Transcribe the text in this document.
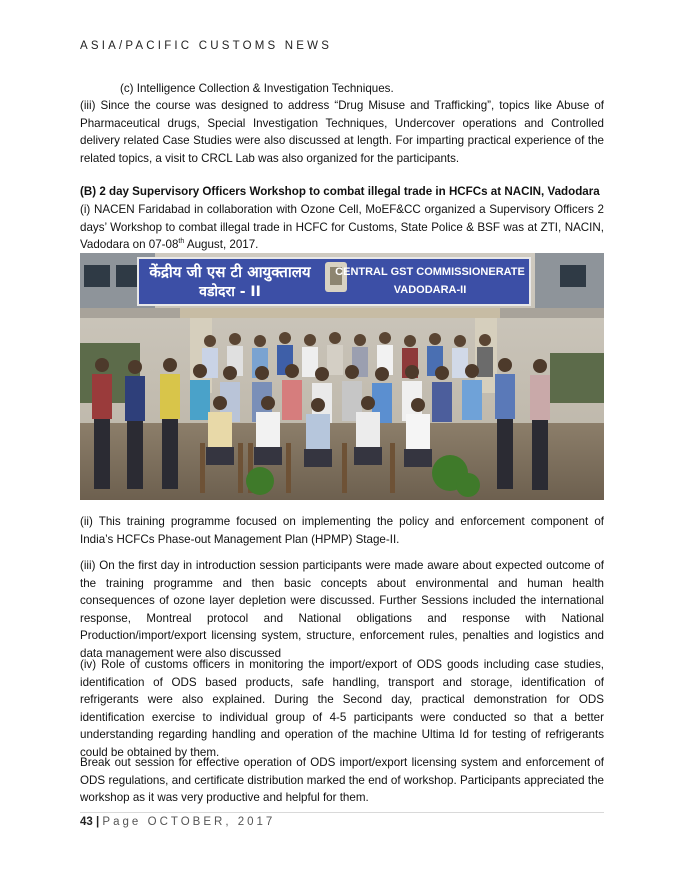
ASIA/PACIFIC CUSTOMS NEWS
(c) Intelligence Collection & Investigation Techniques.
(iii) Since the course was designed to address “Drug Misuse and Trafficking”, topics like Abuse of Pharmaceutical drugs, Special Investigation Techniques, Undercover operations and Controlled delivery related Case Studies were also discussed at length. For imparting practical experience of the related topics, a visit to CRCL Lab was also organized for the participants.
(B) 2 day Supervisory Officers Workshop to combat illegal trade in HCFCs at NACIN, Vadodara
(i) NACEN Faridabad in collaboration with Ozone Cell, MoEF&CC organized a Supervisory Officers 2 days’ Workshop to combat illegal trade in HCFC for Customs, State Police & BSF was at ZTI, NACIN, Vadodara on 07-08th August, 2017.
केंद्रीय जी एस टी आयुक्तालय
वडोदरा - II
CENTRAL GST COMMISSIONERATE
VADODARA-II
(ii) This training programme focused on implementing the policy and enforcement component of India’s HCFCs Phase-out Management Plan (HPMP) Stage-II.
(iii) On the first day in introduction session participants were made aware about expected outcome of the training programme and then basic concepts about environmental and human health consequences of ozone layer depletion were discussed. Further Sessions included the international response, Montreal protocol and National obligations and response with National Production/import/export licensing system, structure, enforcement rules, penalties and logistics and data management were also discussed
(iv) Role of customs officers in monitoring the import/export of ODS goods including case studies, identification of ODS based products, safe handling, transport and storage, identification of refrigerants were also explained. During the Second day, practical demonstration for ODS identification exercise to individual group of 4-5 participants were conducted so that a better understanding regarding handling and operation of the machine Ultima Id for testing of refrigerants could be obtained by them.
Break out session for effective operation of ODS import/export licensing system and enforcement of ODS regulations, and certificate distribution marked the end of workshop. Participants appreciated the workshop as it was very productive and helpful for them.
43 | Page OCTOBER, 2017
